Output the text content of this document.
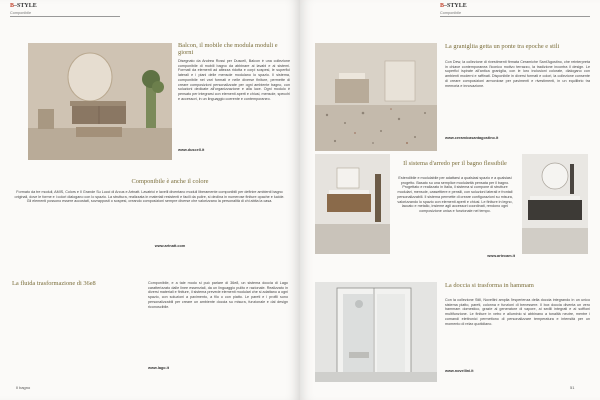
B–STYLE
Componibile
Balcon, il mobile che modula moduli e giorni
Disegnato da Andrea Rossi per Duscell, Balcon è una collezione componibile di mobili bagno da abbinare ai lavabi e ai sistemi. Formati da elementi ad altezza ridotta e corpi sospesi, le superfici laterali e i piani delle mensole modulano lo spazio. Il sistema, componibile nei vari formati e nelle diverse finiture, permette di creare composizioni personalizzate per ogni ambiente bagno, con soluzioni dedicate all'organizzazione e alla luce. Ogni modulo è pensato per integrarsi con elementi aperti e chiusi, mensole, specchi e accessori, in un linguaggio coerente e contemporaneo.
www.duscell.it
Componibile è anche il colore
Formato da tre moduli, AMIS, Colors e Il Grande Su Lucci di Arcus e Artnatt. Lavatrici e lavelli diventano moduli liberamente componibili per definire ambienti bagno originali, dove le forme e i colori dialogano con lo spazio. La struttura, realizzata in materiali resistenti e facili da pulire, si declina in numerose finiture opache e lucide. Gli elementi possono essere accostati, sovrapposti o sospesi, creando composizioni sempre diverse che valorizzano la personalità di chi abita la casa.
www.artnatt.com
La fluida trasformazione di 36e8	Componibile, e a tale modo si può parlare di 36e8, un sistema doccia di Lago caratterizzato dalle linee essenziali, da un linguaggio pulito e razionale. Realizzato in diversi materiali e finiture, il sistema prevede elementi modulari che si adattano a ogni spazio, con soluzioni a pavimento, a filo o con piatto. Le pareti e i profili sono personalizzabili per creare un ambiente doccia su misura, funzionale e dal design riconoscibile.
www.lago.it
Il bagno
B–STYLE
Componibile
La granigliia getta un ponte tra epoche e stili
Con Dew, la collezione di rivestimenti firmata Ceramiche Sant'Agostino, che reinterpreta in chiave contemporanea l'iconico motivo terrazzo, la tradizione incontra il design. Le superfici ispirate all'antica graniglia, con le loro inclusioni colorate, dialogano con ambienti moderni e raffinati. Disponibile in diversi formati e colori, la collezione consente di creare composizioni armoniose per pavimenti e rivestimenti, in un equilibrio tra memoria e innovazione.
www.ceramicasantagostino.it
Il sistema d'arredo per il bagno flessibile
Estendibile e modulabile per adattarsi a qualsiasi spazio e a qualsiasi progetto. Basato su una semplice modularità pensata per il bagno. Progettato e realizzato in Italia, il sistema si compone di strutture modulari, mensole, cassettiere e pensili, con soluzioni laterali e frontali personalizzabili. Il sistema permette di creare configurazioni su misura, valorizzando lo spazio con elementi aperti e chiusi. Le finiture in legno, laccato e metallo, insieme agli accessori coordinati, rendono ogni composizione unica e funzionale nel tempo.
www.artecam.it
La doccia si trasforma in hammam
Con la collezione Still, Novellini amplia l'esperienza della doccia integrando in un unico sistema piatto, pareti, colonna e funzioni di benessere. Il box doccia diventa un vero hammam domestico, grazie al generatore di vapore, ai sedili integrati e ai soffioni multifunzione. Le finiture in vetro e alluminio si abbinano a tonalità neutre, mentre i comandi elettronici permettono di personalizzare temperatura e intensità per un momento di relax quotidiano.
www.novellini.it
51
